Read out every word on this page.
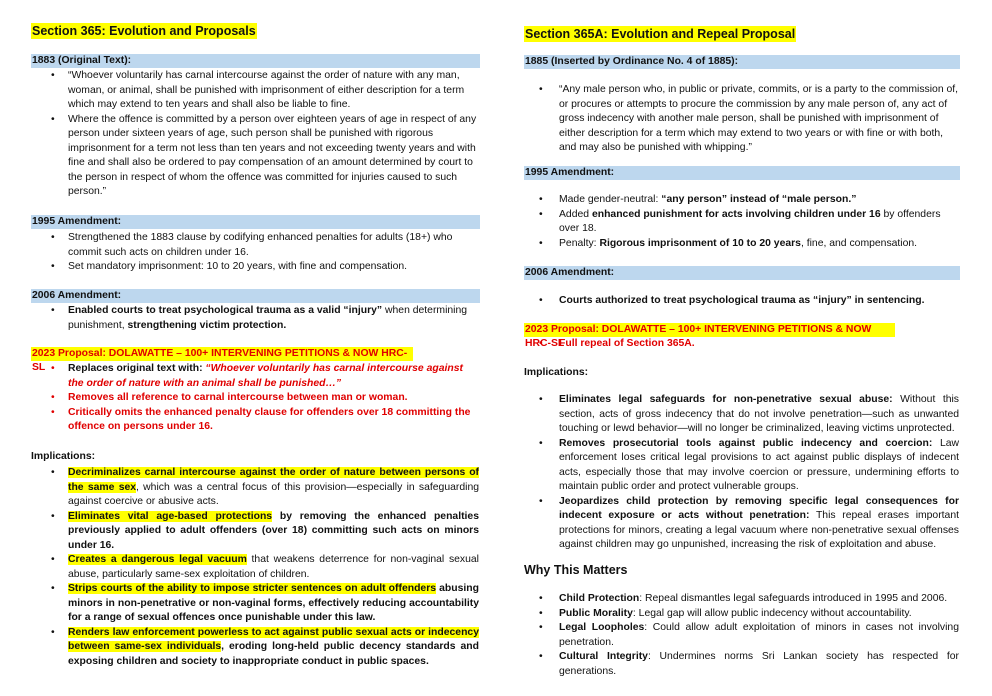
Section 365: Evolution and Proposals
1883 (Original Text):
• “Whoever voluntarily has carnal intercourse against the order of nature with any man, woman, or animal, shall be punished with imprisonment of either description for a term which may extend to ten years and shall also be liable to fine.
• Where the offence is committed by a person over eighteen years of age in respect of any person under sixteen years of age, such person shall be punished with rigorous imprisonment for a term not less than ten years and not exceeding twenty years and with fine and shall also be ordered to pay compensation of an amount determined by court to the person in respect of whom the offence was committed for injuries caused to such person.”
1995 Amendment:
• Strengthened the 1883 clause by codifying enhanced penalties for adults (18+) who commit such acts on children under 16.
• Set mandatory imprisonment: 10 to 20 years, with fine and compensation.
2006 Amendment:
• Enabled courts to treat psychological trauma as a valid “injury” when determining punishment, strengthening victim protection.
2023 Proposal: DOLAWATTE – 100+ INTERVENING PETITIONS & NOW HRC-SL
•	Replaces original text with: “Whoever voluntarily has carnal intercourse against the order of nature with an animal shall be punished…”
• Removes all reference to carnal intercourse between man or woman.
• Critically omits the enhanced penalty clause for offenders over 18 committing the offence on persons under 16.
Implications:
• Decriminalizes carnal intercourse against the order of nature between persons of the same sex, which was a central focus of this provision—especially in safeguarding against coercive or abusive acts.
• Eliminates vital age-based protections by removing the enhanced penalties previously applied to adult offenders (over 18) committing such acts on minors under 16.
• Creates a dangerous legal vacuum that weakens deterrence for non-vaginal sexual abuse, particularly same-sex exploitation of children.
• Strips courts of the ability to impose stricter sentences on adult offenders abusing minors in non-penetrative or non-vaginal forms, effectively reducing accountability for a range of sexual offences once punishable under this law.
• Renders law enforcement powerless to act against public sexual acts or indecency between same-sex individuals, eroding long-held public decency standards and exposing children and society to inappropriate conduct in public spaces.
Section 365A: Evolution and Repeal Proposal
1885 (Inserted by Ordinance No. 4 of 1885):
• “Any male person who, in public or private, commits, or is a party to the commission of, or procures or attempts to procure the commission by any male person of, any act of gross indecency with another male person, shall be punished with imprisonment of either description for a term which may extend to two years or with fine or with both, and may also be punished with whipping.”
1995 Amendment:
• Made gender-neutral: “any person” instead of “male person.”
• Added enhanced punishment for acts involving children under 16 by offenders over 18.
• Penalty: Rigorous imprisonment of 10 to 20 years, fine, and compensation.
2006 Amendment:
• Courts authorized to treat psychological trauma as “injury” in sentencing.
2023 Proposal: DOLAWATTE – 100+ INTERVENING PETITIONS & NOW HRC-SL
• Full repeal of Section 365A.
Implications:
• Eliminates legal safeguards for non-penetrative sexual abuse: Without this section, acts of gross indecency that do not involve penetration—such as unwanted touching or lewd behavior—will no longer be criminalized, leaving victims unprotected.
• Removes prosecutorial tools against public indecency and coercion: Law enforcement loses critical legal provisions to act against public displays of indecent acts, especially those that may involve coercion or pressure, undermining efforts to maintain public order and protect vulnerable groups.
• Jeopardizes child protection by removing specific legal consequences for indecent exposure or acts without penetration: This repeal erases important protections for minors, creating a legal vacuum where non-penetrative sexual offenses against children may go unpunished, increasing the risk of exploitation and abuse.
Why This Matters
• Child Protection: Repeal dismantles legal safeguards introduced in 1995 and 2006.
• Public Morality: Legal gap will allow public indecency without accountability.
• Legal Loopholes: Could allow adult exploitation of minors in cases not involving penetration.
• Cultural Integrity: Undermines norms Sri Lankan society has respected for generations.
